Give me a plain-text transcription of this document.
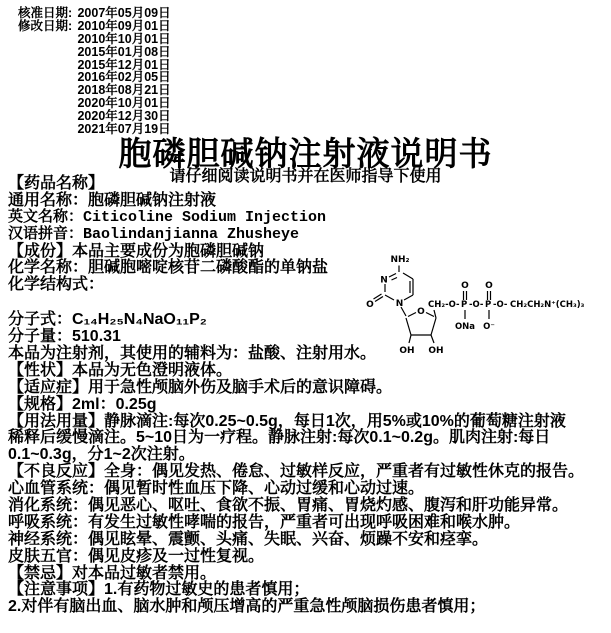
核准日期: 2007年05月09日
修改日期: 2010年09月01日
2010年10月01日
2015年01月08日
2015年12月01日
2016年02月05日
2018年08月21日
2020年10月01日
2020年12月30日
2021年07月19日
胞磷胆碱钠注射液说明书
请仔细阅读说明书并在医师指导下使用
【药品名称】
通用名称：胞磷胆碱钠注射液
英文名称：Citicoline Sodium Injection
汉语拼音：Baolindanjianna Zhusheye
【成份】本品主要成份为胞磷胆碱钠
化学名称：胆碱胞嘧啶核苷二磷酸酯的单钠盐
化学结构式：
分子式：C₁₄H₂₅N₄NaO₁₁P₂
分子量：510.31
本品为注射剂，其使用的辅料为：盐酸、注射用水。
【性状】本品为无色澄明液体。
【适应症】用于急性颅脑外伤及脑手术后的意识障碍。
【规格】2ml：0.25g
【用法用量】静脉滴注:每次0.25~0.5g，每日1次，用5%或10%的葡萄糖注射液
稀释后缓慢滴注。5~10日为一疗程。静脉注射:每次0.1~0.2g。肌肉注射:每日
0.1~0.3g，分1~2次注射。
【不良反应】全身：偶见发热、倦怠、过敏样反应，严重者有过敏性休克的报告。
心血管系统：偶见暂时性血压下降、心动过缓和心动过速。
消化系统：偶见恶心、呕吐、食欲不振、胃痛、胃烧灼感、腹泻和肝功能异常。
呼吸系统：有发生过敏性哮喘的报告，严重者可出现呼吸困难和喉水肿。
神经系统：偶见眩晕、震颤、头痛、失眠、兴奋、烦躁不安和痉挛。
皮肤五官：偶见皮疹及一过性复视。
【禁忌】对本品过敏者禁用。
【注意事项】1.有药物过敏史的患者慎用；
2.对伴有脑出血、脑水肿和颅压增高的严重急性颅脑损伤患者慎用；
NH₂
N
N
O
O
OH OH
O O
CH₂-O- P -O- P -O- CH₂CH₂N⁺(CH₃)₃
ONa O⁻
